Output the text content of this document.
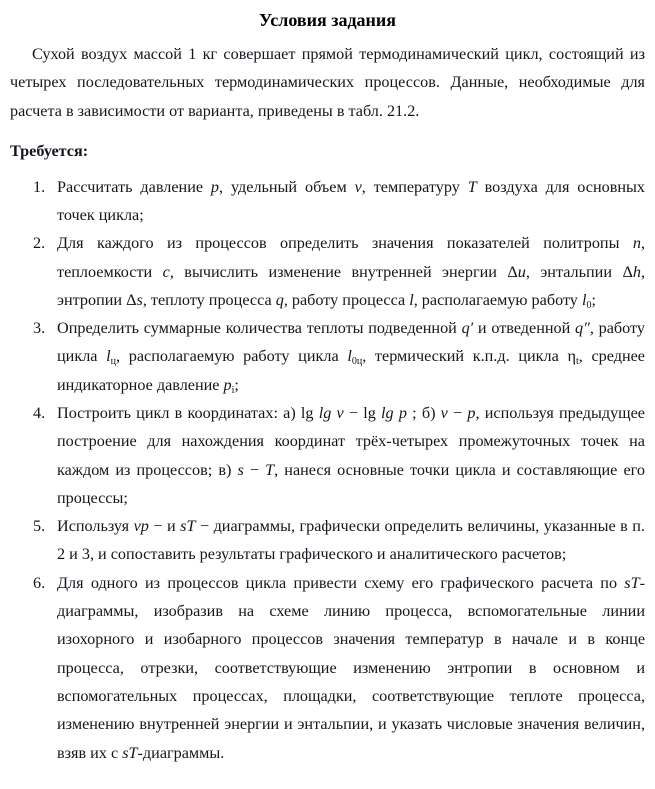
Условия задания

Сухой воздух массой 1 кг совершает прямой термодинамический цикл, состоящий из четырех последовательных термодинамических процессов. Данные, необходимые для расчета в зависимости от варианта, приведены в табл. 21.2.

Требуется:

1. Рассчитать давление p, удельный объем v, температуру T воздуха для основных точек цикла;
2. Для каждого из процессов определить значения показателей политропы n, теплоемкости c, вычислить изменение внутренней энергии Δu, энтальпии Δh, энтропии Δs, теплоту процесса q, работу процесса l, располагаемую работу l0;
3. Определить суммарные количества теплоты подведенной q′ и отведенной q″, работу цикла lц, располагаемую работу цикла l0ц, термический к.п.д. цикла ηt, среднее индикаторное давление pi;
4. Построить цикл в координатах: а) lg lg v − lg lg p ; б) v − p, используя предыдущее построение для нахождения координат трёх-четырех промежуточных точек на каждом из процессов; в) s − T, нанеся основные точки цикла и составляющие его процессы;
5. Используя vp − и sT − диаграммы, графически определить величины, указанные в п. 2 и 3, и сопоставить результаты графического и аналитического расчетов;
6. Для одного из процессов цикла привести схему его графического расчета по sT-диаграммы, изобразив на схеме линию процесса, вспомогательные линии изохорного и изобарного процессов значения температур в начале и в конце процесса, отрезки, соответствующие изменению энтропии в основном и вспомогательных процессах, площадки, соответствующие теплоте процесса, изменению внутренней энергии и энтальпии, и указать числовые значения величин, взяв их с sT-диаграммы.
